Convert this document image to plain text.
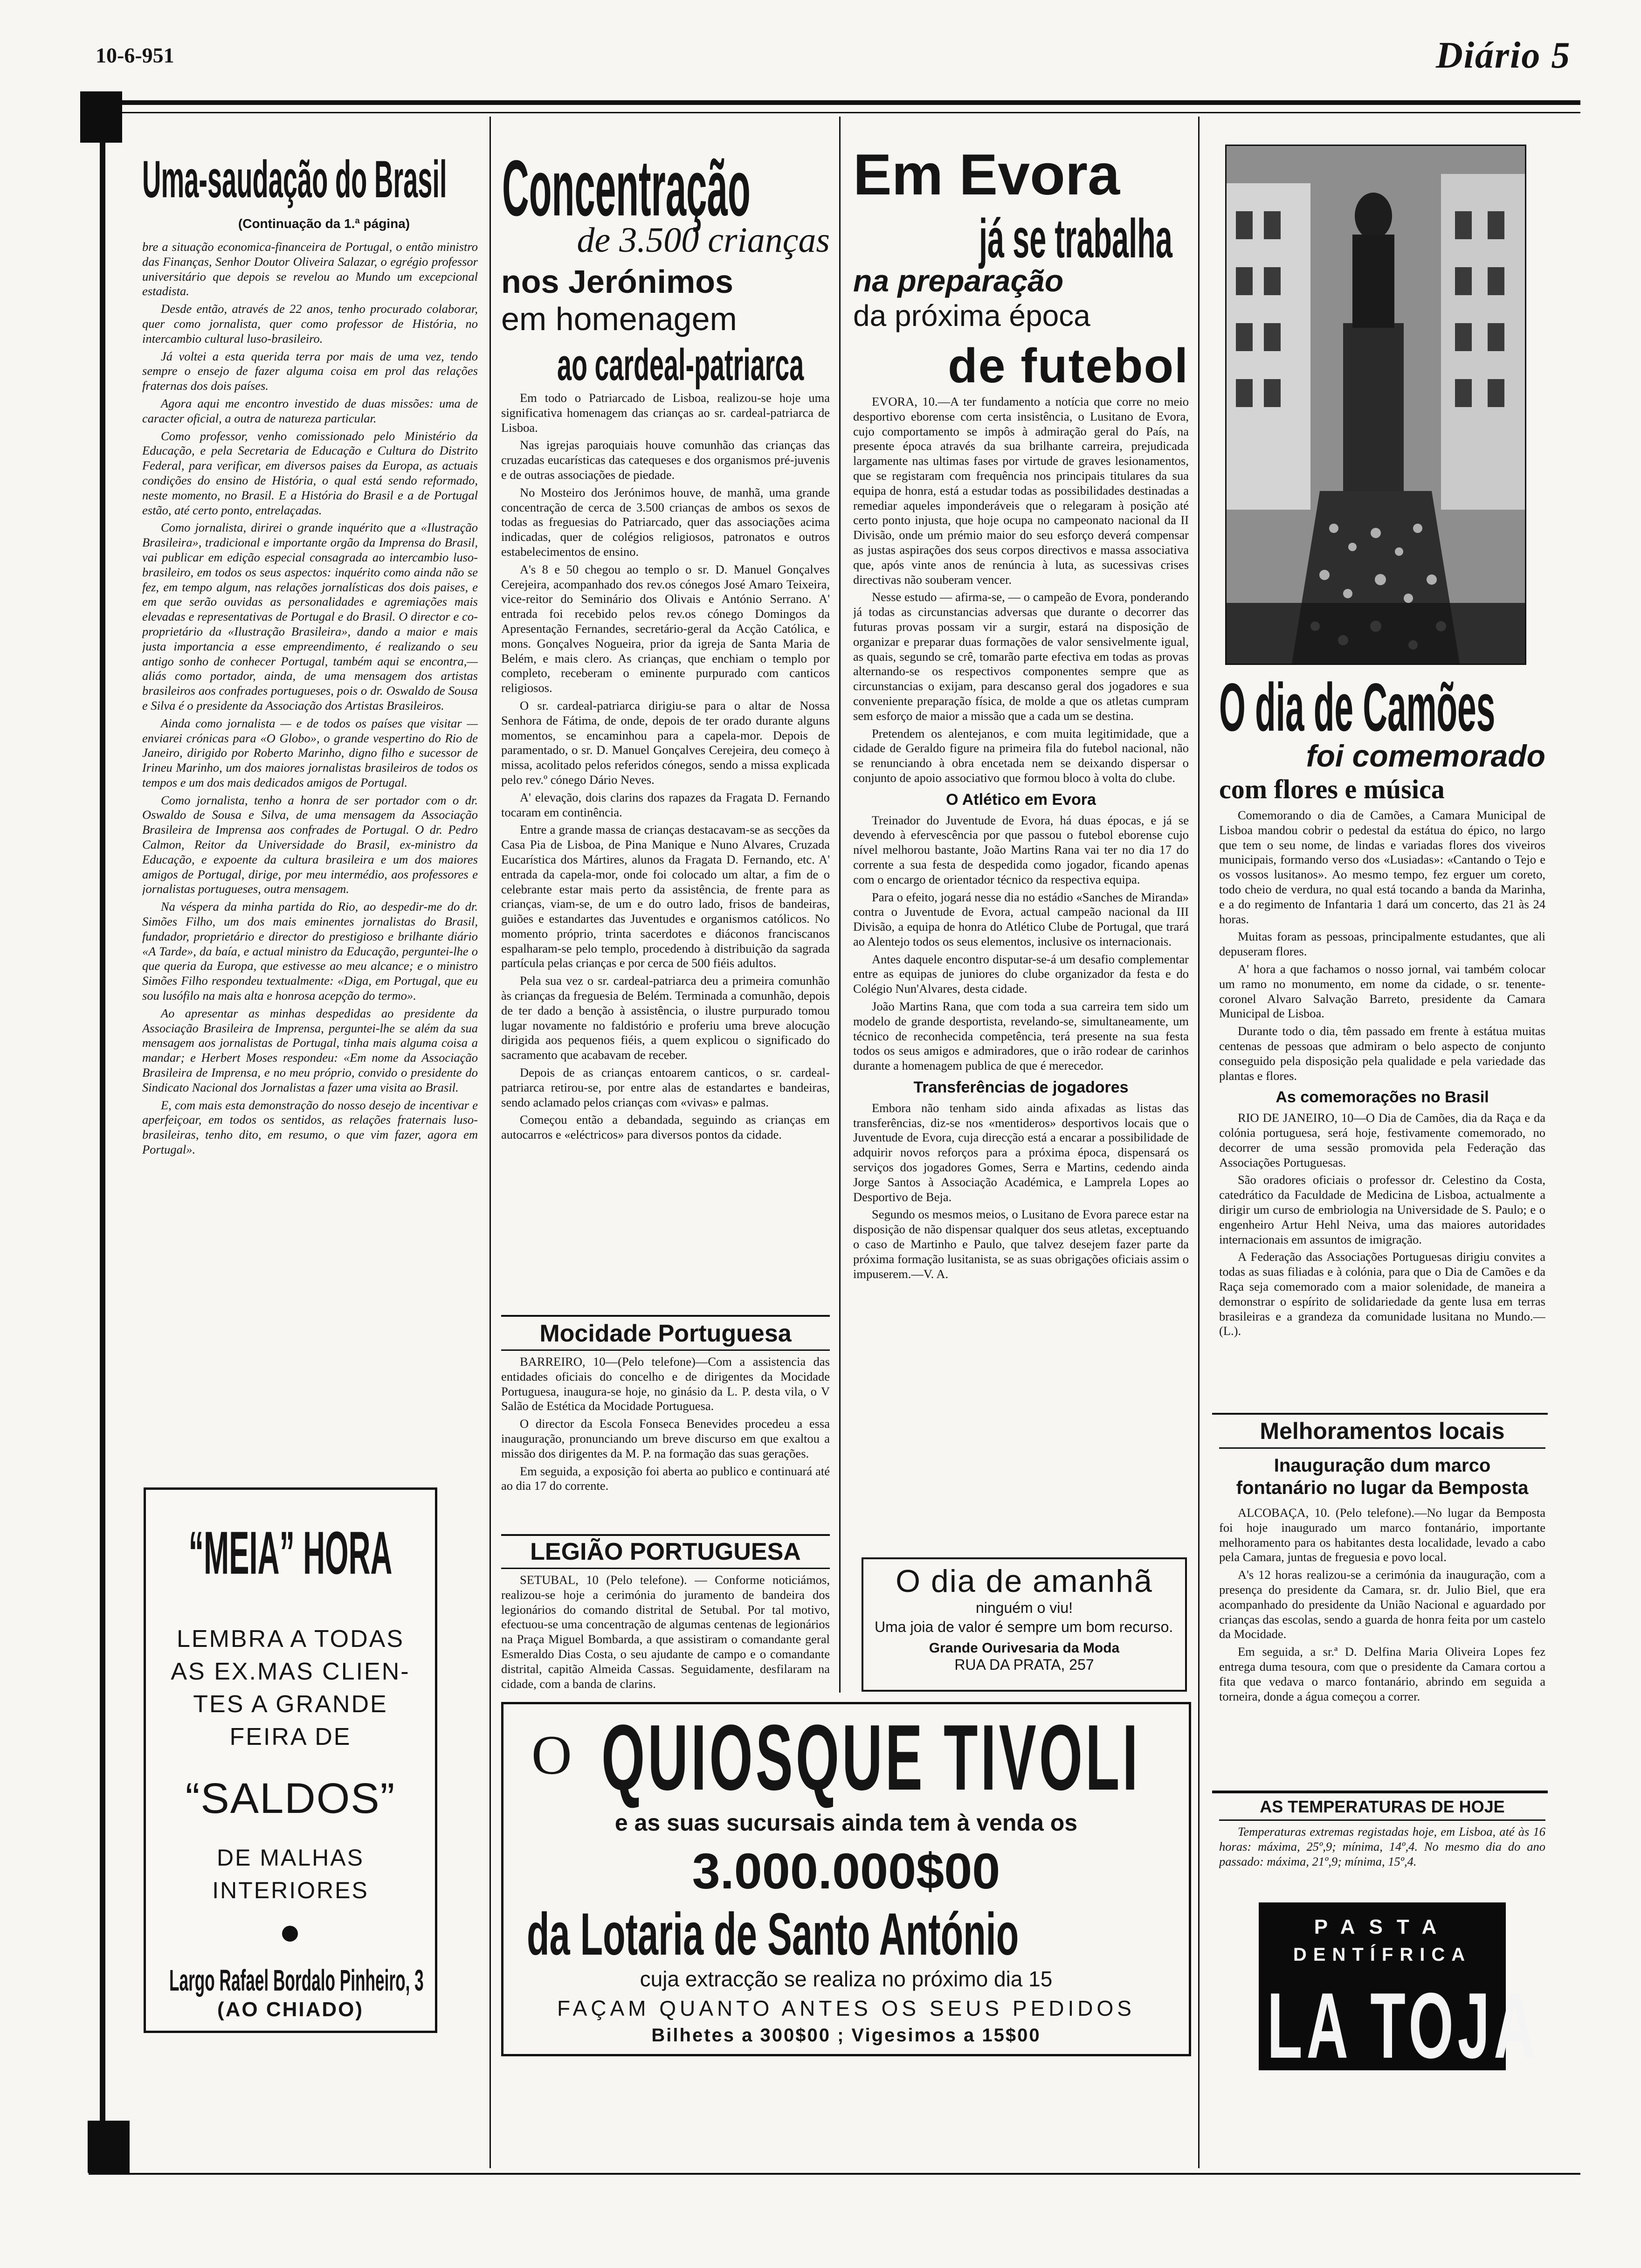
10-6-951	Diário 5
Uma-saudação do Brasil
(Continuação da 1.ª página)

bre a situação economica-financeira de Portugal, o então ministro das Finanças, Senhor Doutor Oliveira Salazar, o egrégio professor universitário que depois se revelou ao Mundo um excepcional estadista.

Desde então, através de 22 anos, tenho procurado colaborar, quer como jornalista, quer como professor de História, no intercambio cultural luso-brasileiro.

Já voltei a esta querida terra por mais de uma vez, tendo sempre o ensejo de fazer alguma coisa em prol das relações fraternas dos dois países.

Agora aqui me encontro investido de duas missões: uma de caracter oficial, a outra de natureza particular.

Como professor, venho comissionado pelo Ministério da Educação, e pela Secretaria de Educação e Cultura do Distrito Federal, para verificar, em diversos paises da Europa, as actuais condições do ensino de História, o qual está sendo reformado, neste momento, no Brasil. E a História do Brasil e a de Portugal estão, até certo ponto, entrelaçadas.

Como jornalista, dirirei o grande inquérito que a «Ilustração Brasileira», tradicional e importante orgão da Imprensa do Brasil, vai publicar em edição especial consagrada ao intercambio luso-brasileiro, em todos os seus aspectos: inquérito como ainda não se fez, em tempo algum, nas relações jornalísticas dos dois paises, e em que serão ouvidas as personalidades e agremiações mais elevadas e representativas de Portugal e do Brasil. O director e co-proprietário da «Ilustração Brasileira», dando a maior e mais justa importancia a esse empreendimento, é realizando o seu antigo sonho de conhecer Portugal, também aqui se encontra,— aliás como portador, ainda, de uma mensagem dos artistas brasileiros aos confrades portugueses, pois o dr. Oswaldo de Sousa e Silva é o presidente da Associação dos Artistas Brasileiros.

Ainda como jornalista — e de todos os países que visitar — enviarei crónicas para «O Globo», o grande vespertino do Rio de Janeiro, dirigido por Roberto Marinho, digno filho e sucessor de Irineu Marinho, um dos maiores jornalistas brasileiros de todos os tempos e um dos mais dedicados amigos de Portugal.

Como jornalista, tenho a honra de ser portador com o dr. Oswaldo de Sousa e Silva, de uma mensagem da Associação Brasileira de Imprensa aos confrades de Portugal. O dr. Pedro Calmon, Reitor da Universidade do Brasil, ex-ministro da Educação, e expoente da cultura brasileira e um dos maiores amigos de Portugal, dirige, por meu intermédio, aos professores e jornalistas portugueses, outra mensagem.

Na véspera da minha partida do Rio, ao despedir-me do dr. Simões Filho, um dos mais eminentes jornalistas do Brasil, fundador, proprietário e director do prestigioso e brilhante diário «A Tarde», da baía, e actual ministro da Educação, perguntei-lhe o que queria da Europa, que estivesse ao meu alcance; e o ministro Simões Filho respondeu textualmente: «Diga, em Portugal, que eu sou lusófilo na mais alta e honrosa acepção do termo».

Ao apresentar as minhas despedidas ao presidente da Associação Brasileira de Imprensa, perguntei-lhe se além da sua mensagem aos jornalistas de Portugal, tinha mais alguma coisa a mandar; e Herbert Moses respondeu: «Em nome da Associação Brasileira de Imprensa, e no meu próprio, convido o presidente do Sindicato Nacional dos Jornalistas a fazer uma visita ao Brasil.

E, com mais esta demonstração do nosso desejo de incentivar e aperfeiçoar, em todos os sentidos, as relações fraternais luso-brasileiras, tenho dito, em resumo, o que vim fazer, agora em Portugal».

“MEIA” HORA
LEMBRA A TODAS
AS EX.MAS CLIEN-
TES A GRANDE
FEIRA DE
“SALDOS”
DE MALHAS
INTERIORES
Largo Rafael Bordalo Pinheiro, 3
(AO CHIADO)
Concentração
de 3.500 crianças
nos Jerónimos
em homenagem
ao cardeal-patriarca

Em todo o Patriarcado de Lisboa, realizou-se hoje uma significativa homenagem das crianças ao sr. cardeal-patriarca de Lisboa.

Nas igrejas paroquiais houve comunhão das crianças das cruzadas eucarísticas das catequeses e dos organismos pré-juvenis e de outras associações de piedade.

No Mosteiro dos Jerónimos houve, de manhã, uma grande concentração de cerca de 3.500 crianças de ambos os sexos de todas as freguesias do Patriarcado, quer das associações acima indicadas, quer de colégios religiosos, patronatos e outros estabelecimentos de ensino.

A's 8 e 50 chegou ao templo o sr. D. Manuel Gonçalves Cerejeira, acompanhado dos rev.os cónegos José Amaro Teixeira, vice-reitor do Seminário dos Olivais e António Serrano. A' entrada foi recebido pelos rev.os cónego Domingos da Apresentação Fernandes, secretário-geral da Acção Católica, e mons. Gonçalves Nogueira, prior da igreja de Santa Maria de Belém, e mais clero. As crianças, que enchiam o templo por completo, receberam o eminente purpurado com canticos religiosos.

O sr. cardeal-patriarca dirigiu-se para o altar de Nossa Senhora de Fátima, de onde, depois de ter orado durante alguns momentos, se encaminhou para a capela-mor. Depois de paramentado, o sr. D. Manuel Gonçalves Cerejeira, deu começo à missa, acolitado pelos referidos cónegos, sendo a missa explicada pelo rev.º cónego Dário Neves.

A' elevação, dois clarins dos rapazes da Fragata D. Fernando tocaram em continência.

Entre a grande massa de crianças destacavam-se as secções da Casa Pia de Lisboa, de Pina Manique e Nuno Alvares, Cruzada Eucarística dos Mártires, alunos da Fragata D. Fernando, etc. A' entrada da capela-mor, onde foi colocado um altar, a fim de o celebrante estar mais perto da assistência, de frente para as crianças, viam-se, de um e do outro lado, frisos de bandeiras, guiões e estandartes das Juventudes e organismos católicos. No momento próprio, trinta sacerdotes e diáconos franciscanos espalharam-se pelo templo, procedendo à distribuição da sagrada partícula pelas crianças e por cerca de 500 fiéis adultos.

Pela sua vez o sr. cardeal-patriarca deu a primeira comunhão às crianças da freguesia de Belém. Terminada a comunhão, depois de ter dado a benção à assistência, o ilustre purpurado tomou lugar novamente no faldistório e proferiu uma breve alocução dirigida aos pequenos fiéis, a quem explicou o significado do sacramento que acabavam de receber.

Depois de as crianças entoarem canticos, o sr. cardeal-patriarca retirou-se, por entre alas de estandartes e bandeiras, sendo aclamado pelos crianças com «vivas» e palmas.

Começou então a debandada, seguindo as crianças em autocarros e «eléctricos» para diversos pontos da cidade.

Mocidade Portuguesa

BARREIRO, 10—(Pelo telefone)—Com a assistencia das entidades oficiais do concelho e de dirigentes da Mocidade Portuguesa, inaugura-se hoje, no ginásio da L. P. desta vila, o V Salão de Estética da Mocidade Portuguesa.

O director da Escola Fonseca Benevides procedeu a essa inauguração, pronunciando um breve discurso em que exaltou a missão dos dirigentes da M. P. na formação das suas gerações.

Em seguida, a exposição foi aberta ao publico e continuará até ao dia 17 do corrente.

LEGIÃO PORTUGUESA

SETUBAL, 10 (Pelo telefone). — Conforme noticiámos, realizou-se hoje a cerimónia do juramento de bandeira dos legionários do comando distrital de Setubal. Por tal motivo, efectuou-se uma concentração de algumas centenas de legionários na Praça Miguel Bombarda, a que assistiram o comandante geral Esmeraldo Dias Costa, o seu ajudante de campo e o comandante distrital, capitão Almeida Cassas. Seguidamente, desfilaram na cidade, com a banda de clarins.

Em Evora
já se trabalha
na preparação
da próxima época
de futebol

EVORA, 10.—A ter fundamento a notícia que corre no meio desportivo eborense com certa insistência, o Lusitano de Evora, cujo comportamento se impôs à admiração geral do País, na presente época através da sua brilhante carreira, prejudicada largamente nas ultimas fases por virtude de graves lesionamentos, que se registaram com frequência nos principais titulares da sua equipa de honra, está a estudar todas as possibilidades destinadas a remediar aqueles imponderáveis que o relegaram à posição até certo ponto injusta, que hoje ocupa no campeonato nacional da II Divisão, onde um prémio maior do seu esforço deverá compensar as justas aspirações dos seus corpos directivos e massa associativa que, após vinte anos de renúncia à luta, as sucessivas crises directivas não souberam vencer.

Nesse estudo — afirma-se, — o campeão de Evora, ponderando já todas as circunstancias adversas que durante o decorrer das futuras provas possam vir a surgir, estará na disposição de organizar e preparar duas formações de valor sensivelmente igual, as quais, segundo se crê, tomarão parte efectiva em todas as provas alternando-se os respectivos componentes sempre que as circunstancias o exijam, para descanso geral dos jogadores e sua conveniente preparação física, de molde a que os atletas cumpram sem esforço de maior a missão que a cada um se destina.

Pretendem os alentejanos, e com muita legitimidade, que a cidade de Geraldo figure na primeira fila do futebol nacional, não se renunciando à obra encetada nem se deixando dispersar o conjunto de apoio associativo que formou bloco à volta do clube.

O Atlético em Evora

Treinador do Juventude de Evora, há duas épocas, e já se devendo à efervescência por que passou o futebol eborense cujo nível melhorou bastante, João Martins Rana vai ter no dia 17 do corrente a sua festa de despedida como jogador, ficando apenas com o encargo de orientador técnico da respectiva equipa.

Para o efeito, jogará nesse dia no estádio «Sanches de Miranda» contra o Juventude de Evora, actual campeão nacional da III Divisão, a equipa de honra do Atlético Clube de Portugal, que trará ao Alentejo todos os seus elementos, inclusive os internacionais.

Antes daquele encontro disputar-se-á um desafio complementar entre as equipas de juniores do clube organizador da festa e do Colégio Nun'Alvares, desta cidade.

João Martins Rana, que com toda a sua carreira tem sido um modelo de grande desportista, revelando-se, simultaneamente, um técnico de reconhecida competência, terá presente na sua festa todos os seus amigos e admiradores, que o irão rodear de carinhos durante a homenagem publica de que é merecedor.

Transferências de jogadores

Embora não tenham sido ainda afixadas as listas das transferências, diz-se nos «mentideros» desportivos locais que o Juventude de Evora, cuja direcção está a encarar a possibilidade de adquirir novos reforços para a próxima época, dispensará os serviços dos jogadores Gomes, Serra e Martins, cedendo ainda Jorge Santos à Associação Académica, e Lamprela Lopes ao Desportivo de Beja.

Segundo os mesmos meios, o Lusitano de Evora parece estar na disposição de não dispensar qualquer dos seus atletas, exceptuando o caso de Martinho e Paulo, que talvez desejem fazer parte da próxima formação lusitanista, se as suas obrigações oficiais assim o impuserem.—V. A.

O dia de amanhã
ninguém o viu!
Uma joia de valor é sempre um bom recurso.
Grande Ourivesaria da Moda
RUA DA PRATA, 257
O QUIOSQUE TIVOLI
e as suas sucursais ainda tem à venda os
3.000.000$00
da Lotaria de Santo António
cuja extracção se realiza no próximo dia 15
FAÇAM QUANTO ANTES OS SEUS PEDIDOS
Bilhetes a 300$00 ; Vigesimos a 15$00
O dia de Camões
foi comemorado
com flores e música

Comemorando o dia de Camões, a Camara Municipal de Lisboa mandou cobrir o pedestal da estátua do épico, no largo que tem o seu nome, de lindas e variadas flores dos viveiros municipais, formando verso dos «Lusiadas»: «Cantando o Tejo e os vossos lusitanos». Ao mesmo tempo, fez erguer um coreto, todo cheio de verdura, no qual está tocando a banda da Marinha, e a do regimento de Infantaria 1 dará um concerto, das 21 às 24 horas.

Muitas foram as pessoas, principalmente estudantes, que ali depuseram flores.

A' hora a que fachamos o nosso jornal, vai também colocar um ramo no monumento, em nome da cidade, o sr. tenente-coronel Alvaro Salvação Barreto, presidente da Camara Municipal de Lisboa.

Durante todo o dia, têm passado em frente à estátua muitas centenas de pessoas que admiram o belo aspecto de conjunto conseguido pela disposição pela qualidade e pela variedade das plantas e flores.

As comemorações no Brasil

RIO DE JANEIRO, 10—O Dia de Camões, dia da Raça e da colónia portuguesa, será hoje, festivamente comemorado, no decorrer de uma sessão promovida pela Federação das Associações Portuguesas.

São oradores oficiais o professor dr. Celestino da Costa, catedrático da Faculdade de Medicina de Lisboa, actualmente a dirigir um curso de embriologia na Universidade de S. Paulo; e o engenheiro Artur Hehl Neiva, uma das maiores autoridades internacionais em assuntos de imigração.

A Federação das Associações Portuguesas dirigiu convites a todas as suas filiadas e à colónia, para que o Dia de Camões e da Raça seja comemorado com a maior solenidade, de maneira a demonstrar o espírito de solidariedade da gente lusa em terras brasileiras e a grandeza da comunidade lusitana no Mundo.—(L.).

Melhoramentos locais
Inauguração dum marco fontanário no lugar da Bemposta

ALCOBAÇA, 10. (Pelo telefone).—No lugar da Bemposta foi hoje inaugurado um marco fontanário, importante melhoramento para os habitantes desta localidade, levado a cabo pela Camara, juntas de freguesia e povo local.

A's 12 horas realizou-se a cerimónia da inauguração, com a presença do presidente da Camara, sr. dr. Julio Biel, que era acompanhado do presidente da União Nacional e aguardado por crianças das escolas, sendo a guarda de honra feita por um castelo da Mocidade.

Em seguida, a sr.ª D. Delfina Maria Oliveira Lopes fez entrega duma tesoura, com que o presidente da Camara cortou a fita que vedava o marco fontanário, abrindo em seguida a torneira, donde a água começou a correr.

AS TEMPERATURAS DE HOJE

Temperaturas extremas registadas hoje, em Lisboa, até às 16 horas: máxima, 25º,9; mínima, 14º,4. No mesmo dia do ano passado: máxima, 21º,9; mínima, 15º,4.

PASTA
DENTÍFRICA
LA TOJA
